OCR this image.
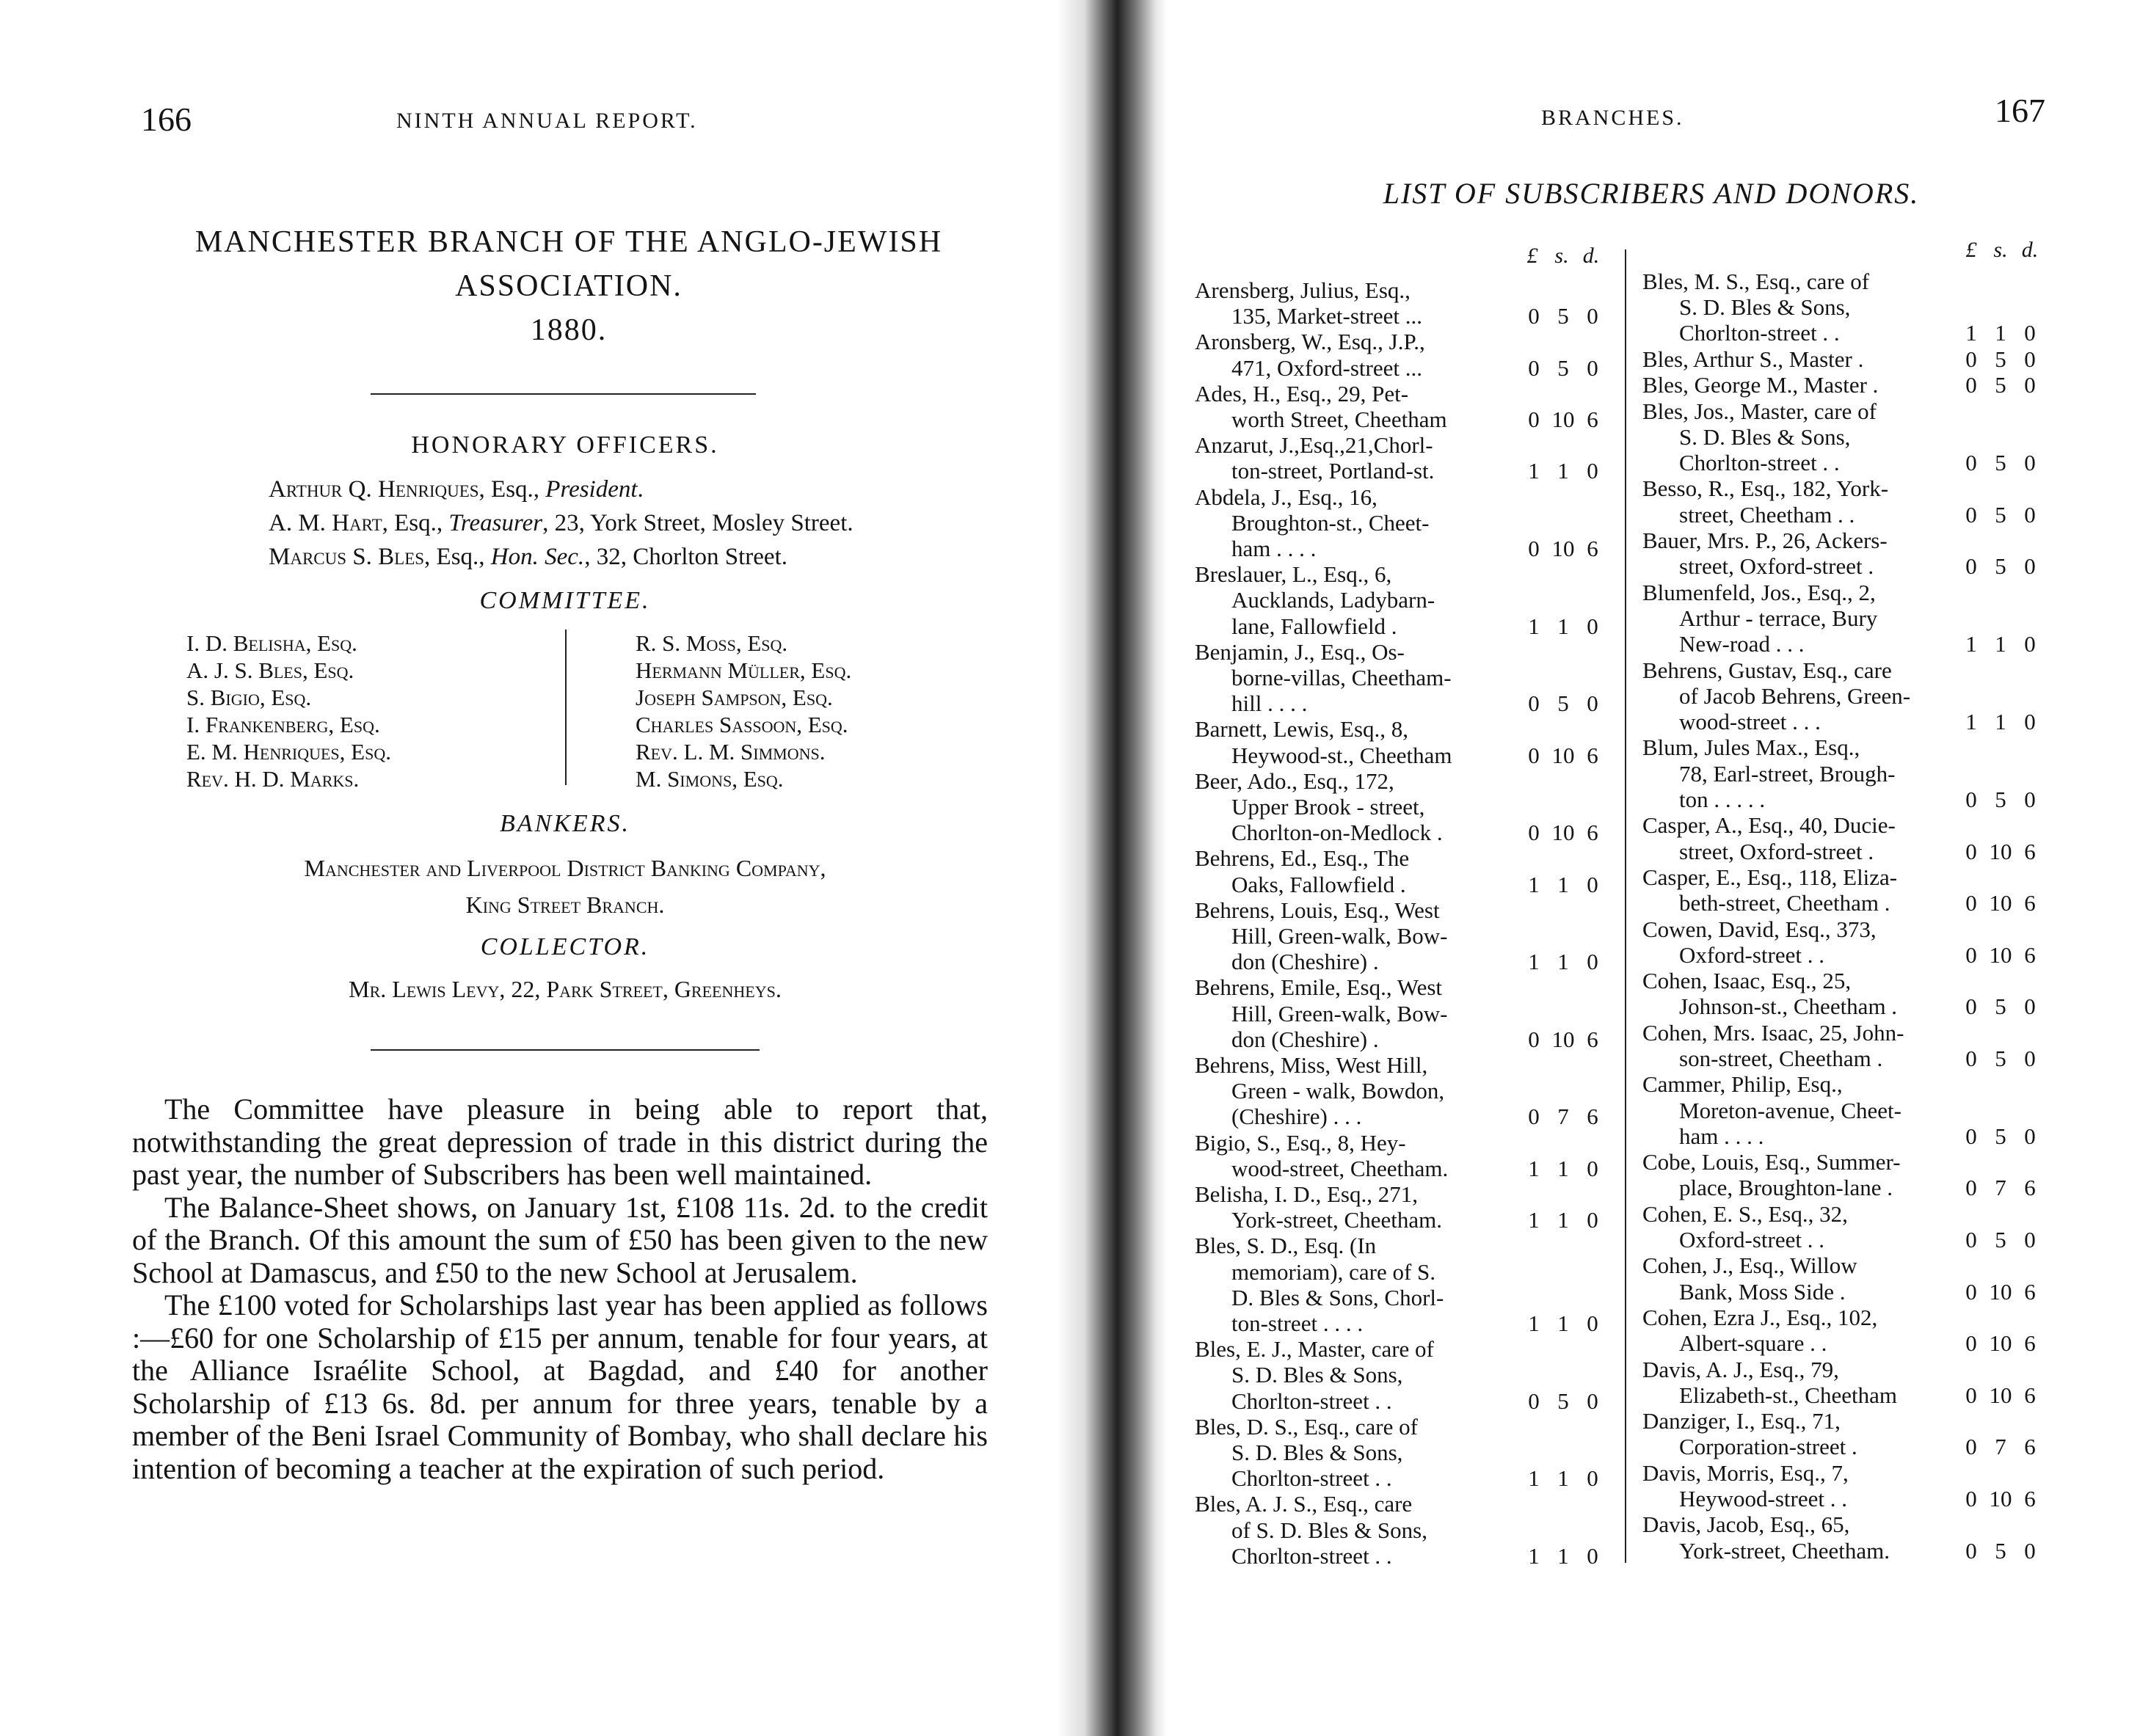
166	NINTH ANNUAL REPORT.
MANCHESTER BRANCH OF THE ANGLO-JEWISH
ASSOCIATION.
1880.
HONORARY OFFICERS.
Arthur Q. Henriques, Esq., President.
A. M. Hart, Esq., Treasurer, 23, York Street, Mosley Street.
Marcus S. Bles, Esq., Hon. Sec., 32, Chorlton Street.
COMMITTEE.
I. D. Belisha, Esq.
A. J. S. Bles, Esq.
S. Bigio, Esq.
I. Frankenberg, Esq.
E. M. Henriques, Esq.
Rev. H. D. Marks.
R. S. Moss, Esq.
Hermann Müller, Esq.
Joseph Sampson, Esq.
Charles Sassoon, Esq.
Rev. L. M. Simmons.
M. Simons, Esq.
BANKERS.
Manchester and Liverpool District Banking Company,
King Street Branch.
COLLECTOR.
Mr. Lewis Levy, 22, Park Street, Greenheys.

The Committee have pleasure in being able to report that, notwithstanding the great depression of trade in this district during the past year, the number of Subscribers has been well maintained.

The Balance-Sheet shows, on January 1st, £108 11s. 2d. to the credit of the Branch. Of this amount the sum of £50 has been given to the new School at Damascus, and £50 to the new School at Jerusalem.

The £100 voted for Scholarships last year has been applied as follows :—£60 for one Scholarship of £15 per annum, tenable for four years, at the Alliance Israélite School, at Bagdad, and £40 for another Scholarship of £13 6s. 8d. per annum for three years, tenable by a member of the Beni Israel Community of Bombay, who shall declare his intention of becoming a teacher at the expiration of such period.

BRANCHES.	167
LIST OF SUBSCRIBERS AND DONORS.
£ s. d.	£ s. d.
Arensberg, Julius, Esq.,
135, Market-street ...	0 5 0
Aronsberg, W., Esq., J.P.,
471, Oxford-street ...	0 5 0
Ades, H., Esq., 29, Pet-
worth Street, Cheetham	0 10 6
Anzarut, J.,Esq.,21,Chorl-
ton-street, Portland-st.	1 1 0
Abdela, J., Esq., 16,
Broughton-st., Cheet-
ham . . . .	0 10 6
Breslauer, L., Esq., 6,
Aucklands, Ladybarn-
lane, Fallowfield .	1 1 0
Benjamin, J., Esq., Os-
borne-villas, Cheetham-
hill . . . .	0 5 0
Barnett, Lewis, Esq., 8,
Heywood-st., Cheetham	0 10 6
Beer, Ado., Esq., 172,
Upper Brook - street,
Chorlton-on-Medlock .	0 10 6
Behrens, Ed., Esq., The
Oaks, Fallowfield .	1 1 0
Behrens, Louis, Esq., West
Hill, Green-walk, Bow-
don (Cheshire) .	1 1 0
Behrens, Emile, Esq., West
Hill, Green-walk, Bow-
don (Cheshire) .	0 10 6
Behrens, Miss, West Hill,
Green - walk, Bowdon,
(Cheshire) . . .	0 7 6
Bigio, S., Esq., 8, Hey-
wood-street, Cheetham.	1 1 0
Belisha, I. D., Esq., 271,
York-street, Cheetham.	1 1 0
Bles, S. D., Esq. (In
memoriam), care of S.
D. Bles & Sons, Chorl-
ton-street . . . .	1 1 0
Bles, E. J., Master, care of
S. D. Bles & Sons,
Chorlton-street . .	0 5 0
Bles, D. S., Esq., care of
S. D. Bles & Sons,
Chorlton-street . .	1 1 0
Bles, A. J. S., Esq., care
of S. D. Bles & Sons,
Chorlton-street . .	1 1 0
Bles, M. S., Esq., care of
S. D. Bles & Sons,
Chorlton-street . .	1 1 0
Bles, Arthur S., Master .	0 5 0
Bles, George M., Master .	0 5 0
Bles, Jos., Master, care of
S. D. Bles & Sons,
Chorlton-street . .	0 5 0
Besso, R., Esq., 182, York-
street, Cheetham . .	0 5 0
Bauer, Mrs. P., 26, Ackers-
street, Oxford-street .	0 5 0
Blumenfeld, Jos., Esq., 2,
Arthur - terrace, Bury
New-road . . .	1 1 0
Behrens, Gustav, Esq., care
of Jacob Behrens, Green-
wood-street . . .	1 1 0
Blum, Jules Max., Esq.,
78, Earl-street, Brough-
ton . . . . .	0 5 0
Casper, A., Esq., 40, Ducie-
street, Oxford-street .	0 10 6
Casper, E., Esq., 118, Eliza-
beth-street, Cheetham .	0 10 6
Cowen, David, Esq., 373,
Oxford-street . .	0 10 6
Cohen, Isaac, Esq., 25,
Johnson-st., Cheetham .	0 5 0
Cohen, Mrs. Isaac, 25, John-
son-street, Cheetham .	0 5 0
Cammer, Philip, Esq.,
Moreton-avenue, Cheet-
ham . . . .	0 5 0
Cobe, Louis, Esq., Summer-
place, Broughton-lane .	0 7 6
Cohen, E. S., Esq., 32,
Oxford-street . .	0 5 0
Cohen, J., Esq., Willow
Bank, Moss Side .	0 10 6
Cohen, Ezra J., Esq., 102,
Albert-square . .	0 10 6
Davis, A. J., Esq., 79,
Elizabeth-st., Cheetham	0 10 6
Danziger, I., Esq., 71,
Corporation-street .	0 7 6
Davis, Morris, Esq., 7,
Heywood-street . .	0 10 6
Davis, Jacob, Esq., 65,
York-street, Cheetham.	0 5 0
